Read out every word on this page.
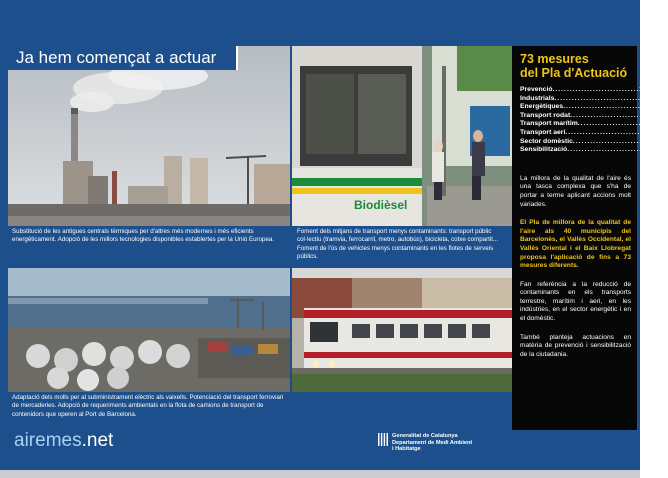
Biodièsel
Ja hem començat a actuar
Substitució de les antigues centrals tèrmiques per d'altres més modernes i més eficients energèticament. Adopció de les millors tecnologies disponibles establertes per la Unió Europea.
Foment dels mitjans de transport menys contaminants: transport públic col·lectiu (tramvia, ferrocarril, metro, autobús), bicicleta, cotxe compartit... Foment de l'ús de vehicles menys contaminants en les flotes de serveis públics.
Adaptació dels molls per al subministrament elèctric als vaixells. Potenciació del transport ferroviari de mercaderies. Adopció de requeriments ambientals en la flota de camions de transport de contenidors que operen al Port de Barcelona.
73 mesures
del Pla d'Actuació
Prevenció .............................. 10
Industrials .............................. 27
Energètiques .............................. 4
Transport rodat .............................. 6
Transport marítim .............................. 8
Transport aeri .............................. 3
Sector domèstic .............................. 4
Sensibilització .............................. 11

La millora de la qualitat de l'aire és una tasca complexa que s'ha de portar a terme aplicant accions molt variades.

El Pla de millora de la qualitat de l'aire als 40 municipis del Barcelonès, el Vallès Occidental, el Vallès Oriental i el Baix Llobregat proposa l'aplicació de fins a 73 mesures diferents.

Fan referència a la reducció de contaminants en els transports terrestre, marítim i aeri, en les indústries, en el sector energètic i en el domèstic.

També planteja actuacions en matèria de prevenció i sensibilització de la ciutadania.

airemes.net	Generalitat de Catalunya
Departament de Medi Ambient
i Habitatge
